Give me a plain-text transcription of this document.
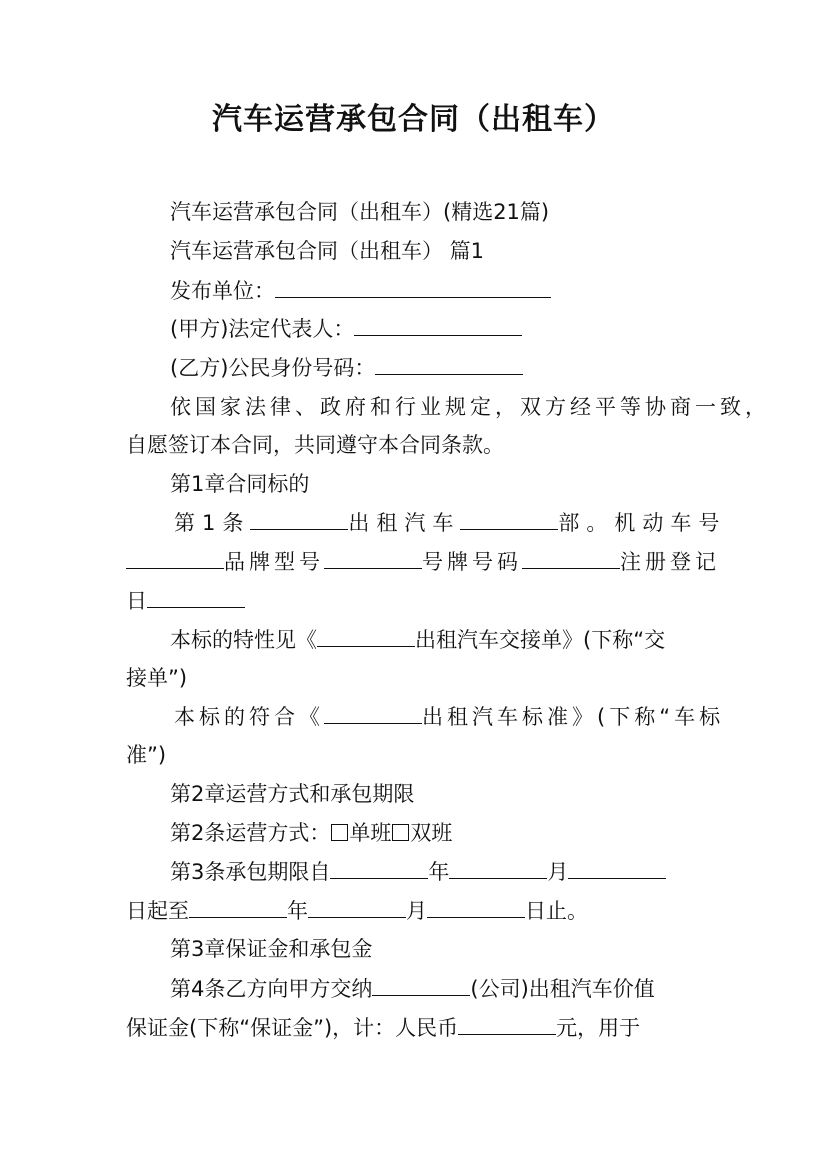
汽车运营承包合同（出租车）
汽车运营承包合同（出租车）(精选21篇)
汽车运营承包合同（出租车） 篇1
发布单位：
(甲方)法定代表人：
(乙方)公民身份号码：
依国家法律、政府和行业规定，双方经平等协商一致，
自愿签订本合同，共同遵守本合同条款。
第1章合同标的
第1条	出租汽车	部。机动车号
品牌型号	号牌号码	注册登记
日
本标的特性见《	出租汽车交接单》(下称“交
接单”)
本标的符合《	出租汽车标准》(下称“车标
准”)
第2章运营方式和承包期限
第2条运营方式： 单班 双班
第3条承包期限自	年	月
日起至	年	月	日止。
第3章保证金和承包金
第4条乙方向甲方交纳	(公司)出租汽车价值
保证金(下称“保证金”)，计：人民币	元，用于
